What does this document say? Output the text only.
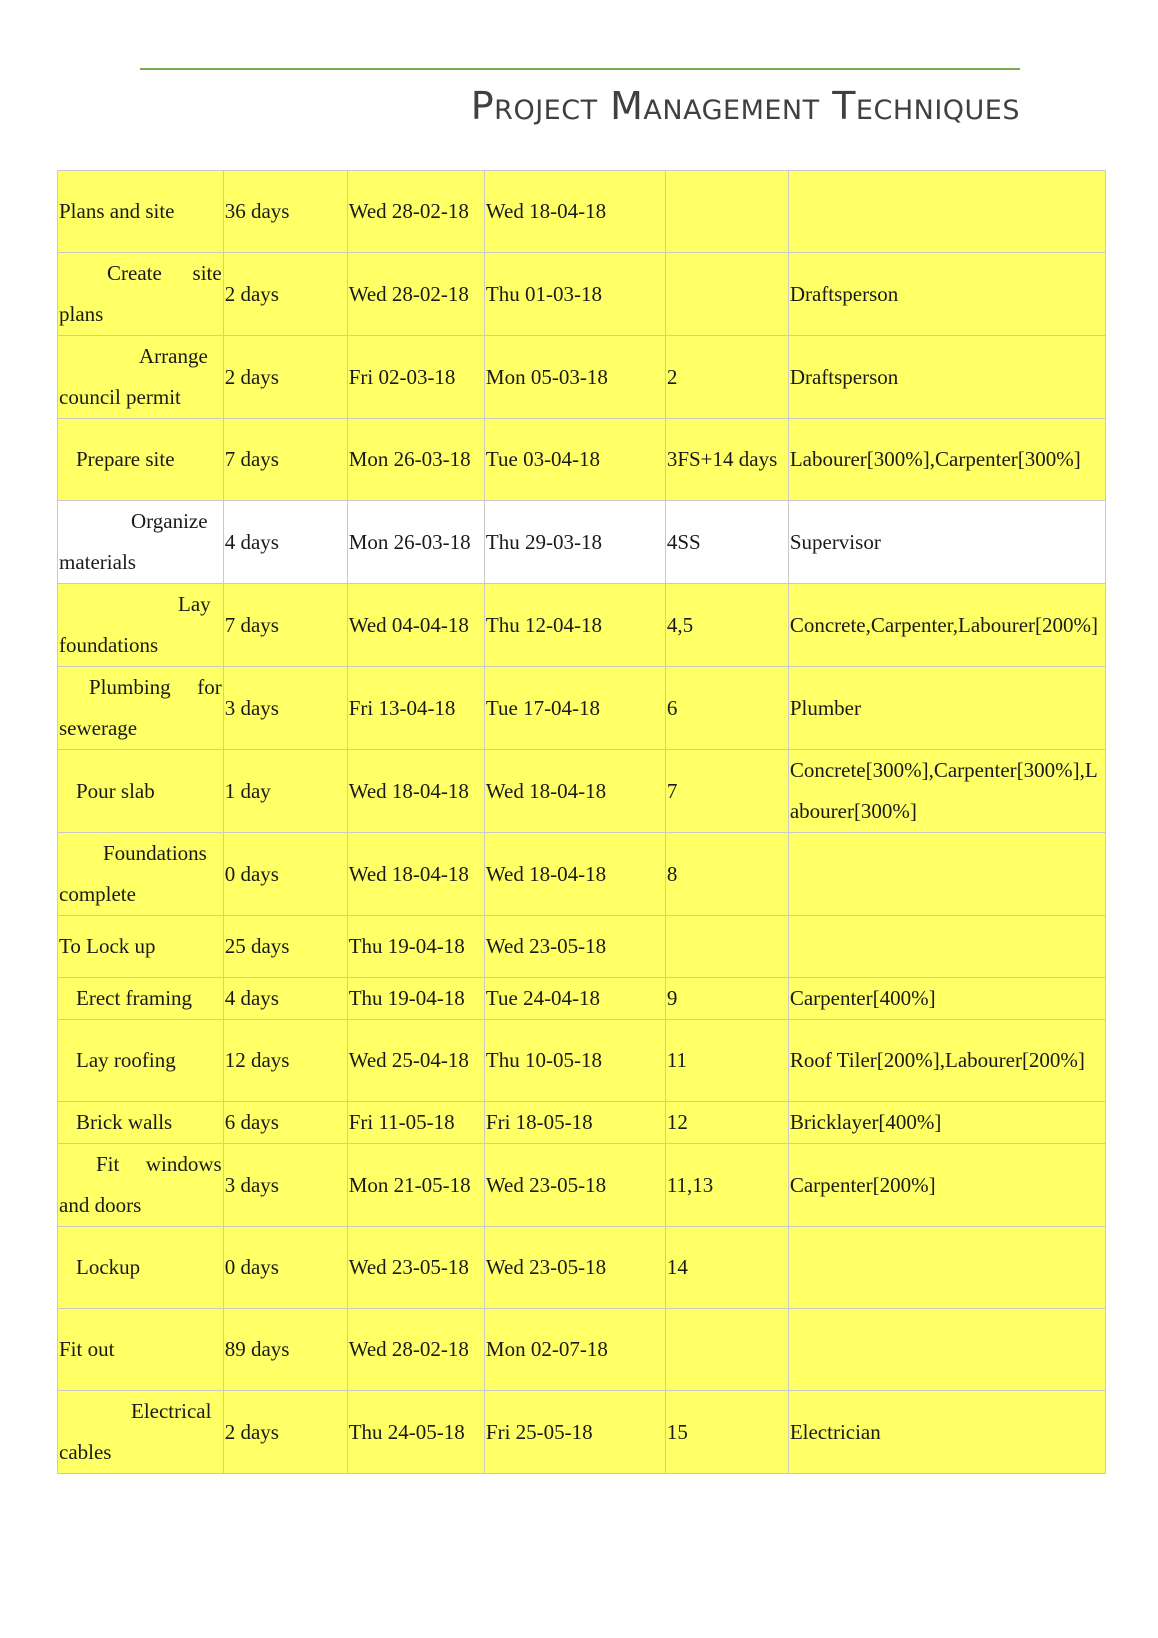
Project Management Techniques
Plans and site	36 days	Wed 28-02-18	Wed 18-04-18		
Create site plans	2 days	Wed 28-02-18	Thu 01-03-18		Draftsperson
Arrange council permit	2 days	Fri 02-03-18	Mon 05-03-18	2	Draftsperson
Prepare site	7 days	Mon 26-03-18	Tue 03-04-18	3FS+14 days	Labourer[300%],Carpenter[300%]
Organize materials	4 days	Mon 26-03-18	Thu 29-03-18	4SS	Supervisor
Lay foundations	7 days	Wed 04-04-18	Thu 12-04-18	4,5	Concrete,Carpenter,Labourer[200%]
Plumbing for sewerage	3 days	Fri 13-04-18	Tue 17-04-18	6	Plumber
Pour slab	1 day	Wed 18-04-18	Wed 18-04-18	7	Concrete[300%],Carpenter[300%],Labourer[300%]
Foundations complete	0 days	Wed 18-04-18	Wed 18-04-18	8	
To Lock up	25 days	Thu 19-04-18	Wed 23-05-18		
Erect framing	4 days	Thu 19-04-18	Tue 24-04-18	9	Carpenter[400%]
Lay roofing	12 days	Wed 25-04-18	Thu 10-05-18	11	Roof Tiler[200%],Labourer[200%]
Brick walls	6 days	Fri 11-05-18	Fri 18-05-18	12	Bricklayer[400%]
Fit windows and doors	3 days	Mon 21-05-18	Wed 23-05-18	11,13	Carpenter[200%]
Lockup	0 days	Wed 23-05-18	Wed 23-05-18	14	
Fit out	89 days	Wed 28-02-18	Mon 02-07-18		
Electrical cables	2 days	Thu 24-05-18	Fri 25-05-18	15	Electrician
